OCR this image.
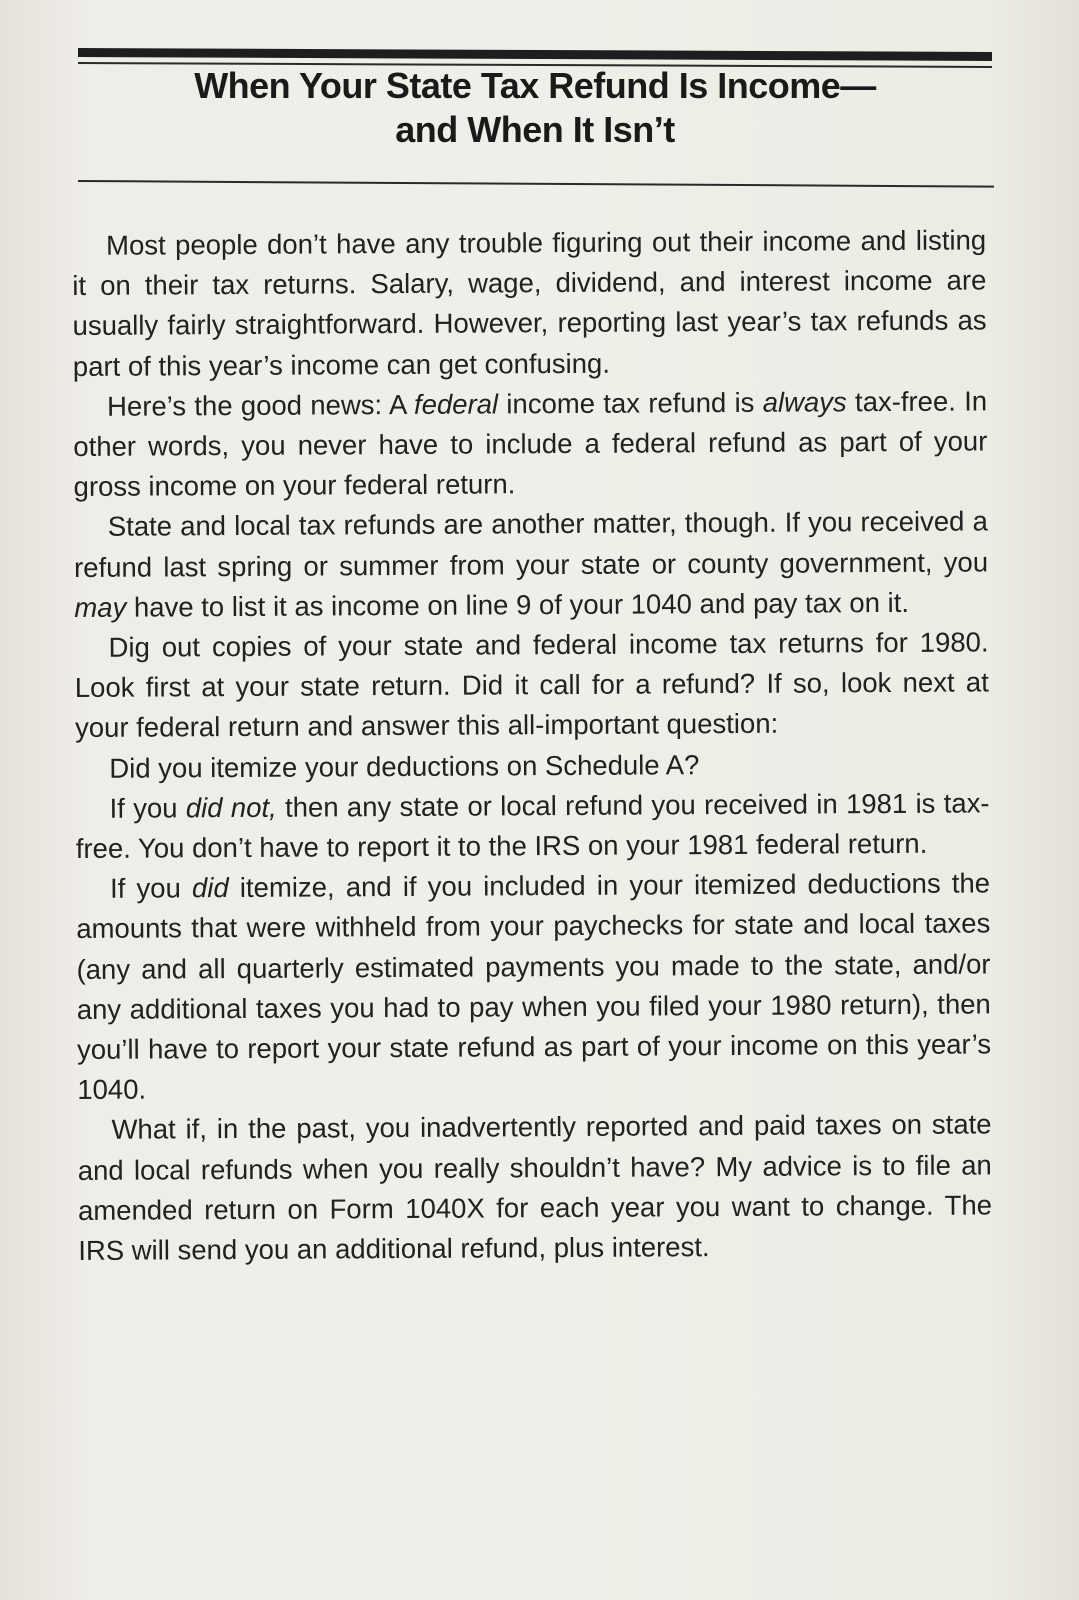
When Your State Tax Refund Is Income—
and When It Isn’t

Most people don’t have any trouble figuring out their income and listing it on their tax returns. Salary, wage, dividend, and interest income are usually fairly straightforward. However, reporting last year’s tax refunds as part of this year’s income can get confusing.

Here’s the good news: A federal income tax refund is always tax-free. In other words, you never have to include a federal refund as part of your gross income on your federal return.

State and local tax refunds are another matter, though. If you received a refund last spring or summer from your state or county government, you may have to list it as income on line 9 of your 1040 and pay tax on it.

Dig out copies of your state and federal income tax returns for 1980. Look first at your state return. Did it call for a refund? If so, look next at your federal return and answer this all-important question:

Did you itemize your deductions on Schedule A?

If you did not, then any state or local refund you received in 1981 is tax-free. You don’t have to report it to the IRS on your 1981 federal return.

If you did itemize, and if you included in your itemized deductions the amounts that were withheld from your paychecks for state and local taxes (any and all quarterly estimated payments you made to the state, and/or any additional taxes you had to pay when you filed your 1980 return), then you’ll have to report your state refund as part of your income on this year’s 1040.

What if, in the past, you inadvertently reported and paid taxes on state and local refunds when you really shouldn’t have? My advice is to file an amended return on Form 1040X for each year you want to change. The IRS will send you an additional refund, plus interest.
